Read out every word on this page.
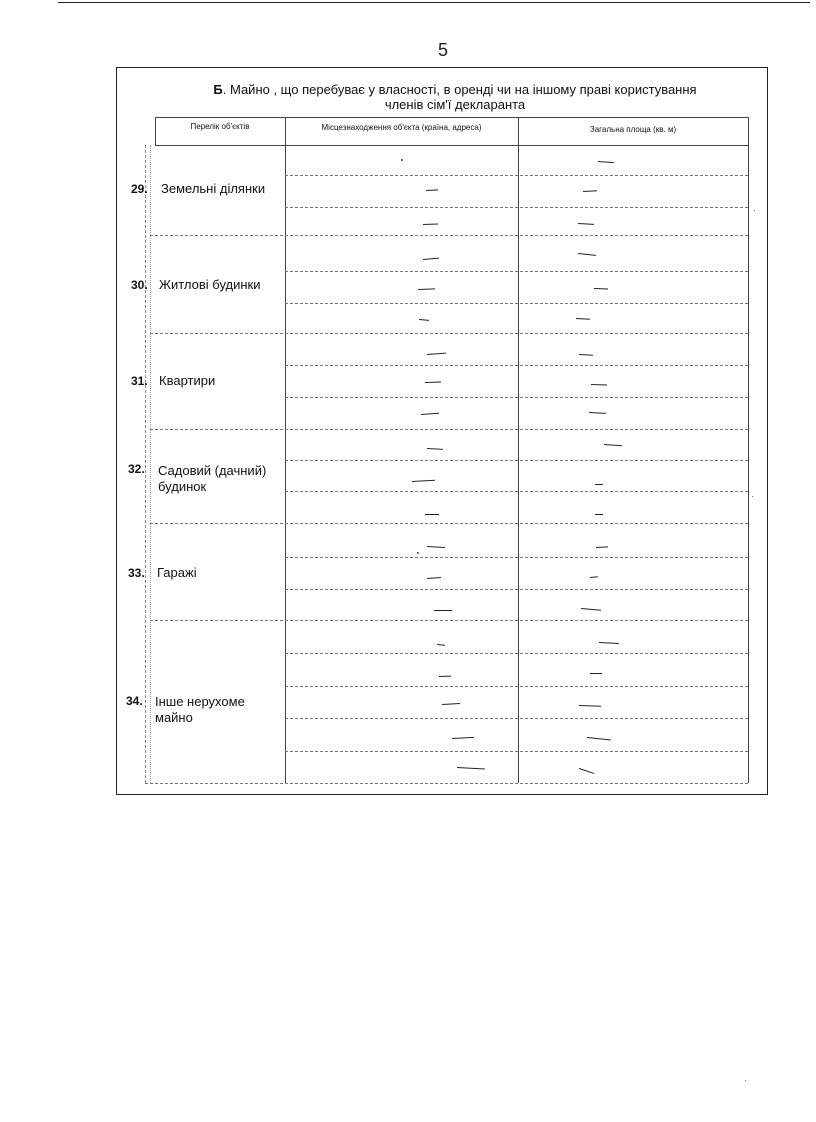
5
Б. Майно , що перебуває у власності, в оренді чи на іншому праві користування
членів сім'ї декларанта
Перелік об'єктів	Місцезнаходження об'єкта (країна, адреса)	Загальна площа (кв. м)
29. Земельні ділянки
30. Житлові будинки
31. Квартири
32. Садовий (дачний) будинок
33. Гаражі
34. Інше нерухоме майно
